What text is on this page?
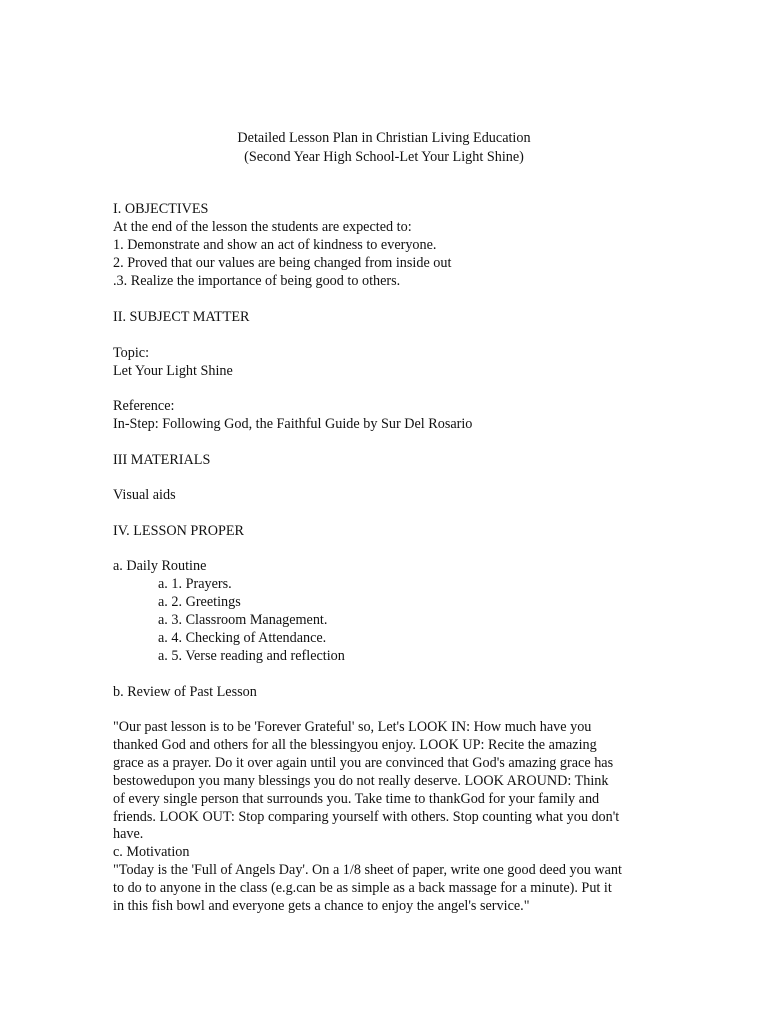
Detailed Lesson Plan in Christian Living Education
(Second Year High School-Let Your Light Shine)
I. OBJECTIVES
At the end of the lesson the students are expected to:
1. Demonstrate and show an act of kindness to everyone.
2. Proved that our values are being changed from inside out
.3. Realize the importance of being good to others.
II. SUBJECT MATTER
Topic:
Let Your Light Shine
Reference:
In-Step: Following God, the Faithful Guide by Sur Del Rosario
III MATERIALS
Visual aids
IV. LESSON PROPER
a. Daily Routine
a. 1. Prayers.
a. 2. Greetings
a. 3. Classroom Management.
a. 4. Checking of Attendance.
a. 5. Verse reading and reflection
b. Review of Past Lesson
"Our past lesson is to be 'Forever Grateful' so, Let's LOOK IN: How much have you
thanked God and others for all the blessingyou enjoy. LOOK UP: Recite the amazing
grace as a prayer. Do it over again until you are convinced that God's amazing grace has
bestowedupon you many blessings you do not really deserve. LOOK AROUND: Think
of every single person that surrounds you. Take time to thankGod for your family and
friends. LOOK OUT: Stop comparing yourself with others. Stop counting what you don't
have.
c. Motivation
"Today is the 'Full of Angels Day'. On a 1/8 sheet of paper, write one good deed you want
to do to anyone in the class (e.g.can be as simple as a back massage for a minute). Put it
in this fish bowl and everyone gets a chance to enjoy the angel's service."
